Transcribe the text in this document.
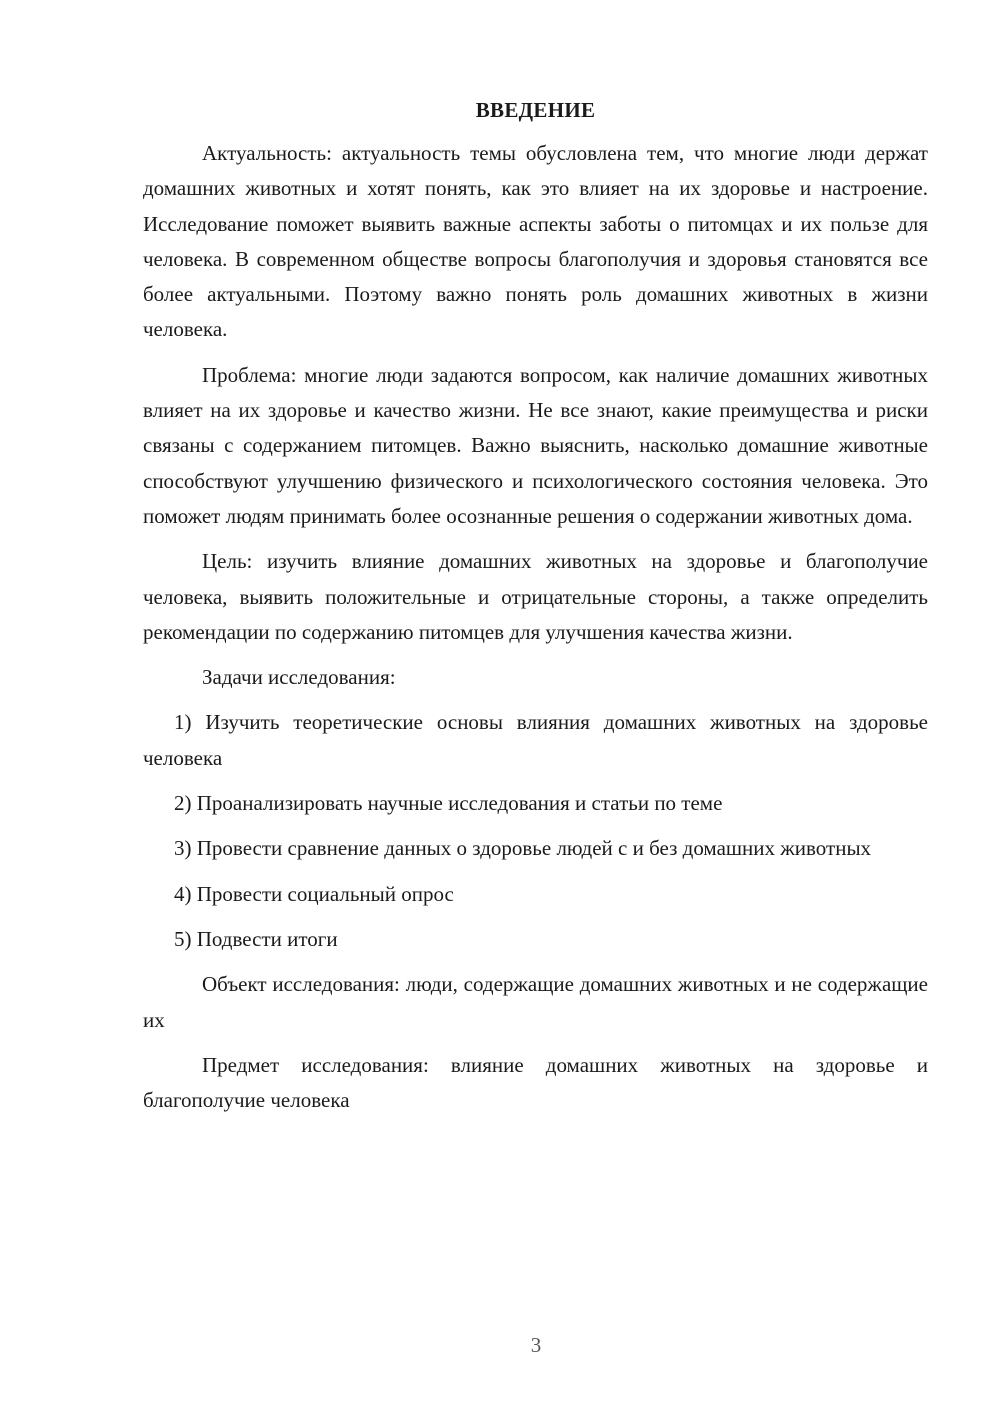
ВВЕДЕНИЕ

Актуальность: актуальность темы обусловлена тем, что многие люди держат домашних животных и хотят понять, как это влияет на их здоровье и настроение. Исследование поможет выявить важные аспекты заботы о питомцах и их пользе для человека. В современном обществе вопросы благополучия и здоровья становятся все более актуальными. Поэтому важно понять роль домашних животных в жизни человека.

Проблема: многие люди задаются вопросом, как наличие домашних животных влияет на их здоровье и качество жизни. Не все знают, какие преимущества и риски связаны с содержанием питомцев. Важно выяснить, насколько домашние животные способствуют улучшению физического и психологического состояния человека. Это поможет людям принимать более осознанные решения о содержании животных дома.

Цель: изучить влияние домашних животных на здоровье и благополучие человека, выявить положительные и отрицательные стороны, а также определить рекомендации по содержанию питомцев для улучшения качества жизни.

Задачи исследования:

1) Изучить теоретические основы влияния домашних животных на здоровье человека

2) Проанализировать научные исследования и статьи по теме

3) Провести сравнение данных о здоровье людей с и без домашних животных

4) Провести социальный опрос

5) Подвести итоги

Объект исследования: люди, содержащие домашних животных и не содержащие их

Предмет исследования: влияние домашних животных на здоровье и благополучие человека

3
